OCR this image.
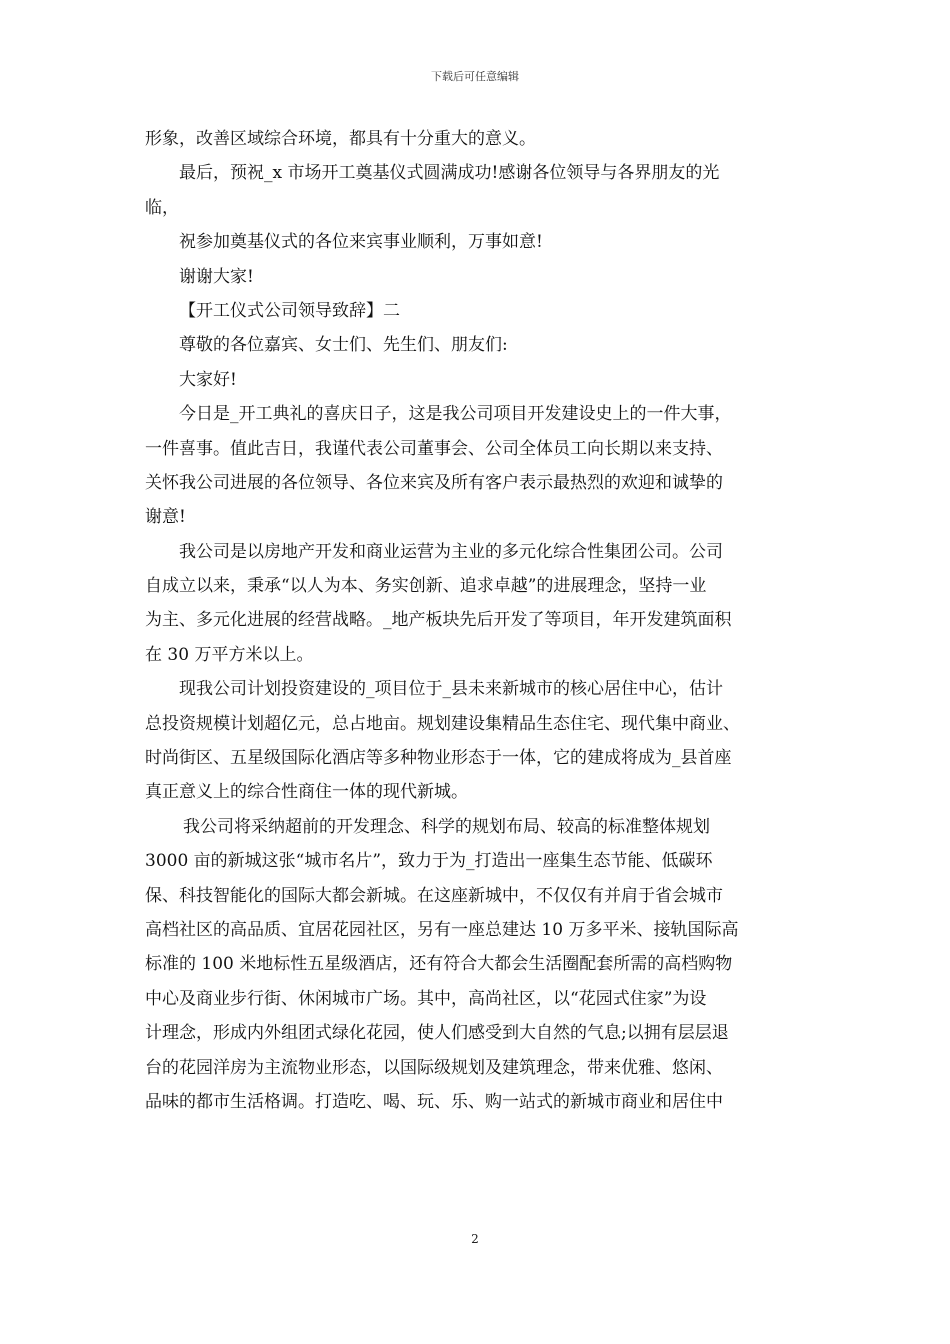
下载后可任意编辑
形象，改善区域综合环境，都具有十分重大的意义。
最后，预祝_x 市场开工奠基仪式圆满成功!感谢各位领导与各界朋友的光
临，
祝参加奠基仪式的各位来宾事业顺利，万事如意!
谢谢大家!
【开工仪式公司领导致辞】二
尊敬的各位嘉宾、女士们、先生们、朋友们:
大家好!
今日是_开工典礼的喜庆日子，这是我公司项目开发建设史上的一件大事，
一件喜事。值此吉日，我谨代表公司董事会、公司全体员工向长期以来支持、
关怀我公司进展的各位领导、各位来宾及所有客户表示最热烈的欢迎和诚挚的
谢意!
我公司是以房地产开发和商业运营为主业的多元化综合性集团公司。公司
自成立以来，秉承“以人为本、务实创新、追求卓越”的进展理念，坚持一业
为主、多元化进展的经营战略。_地产板块先后开发了等项目，年开发建筑面积
在 30 万平方米以上。
现我公司计划投资建设的_项目位于_县未来新城市的核心居住中心，估计
总投资规模计划超亿元，总占地亩。规划建设集精品生态住宅、现代集中商业、
时尚街区、五星级国际化酒店等多种物业形态于一体，它的建成将成为_县首座
真正意义上的综合性商住一体的现代新城。
我公司将采纳超前的开发理念、科学的规划布局、较高的标准整体规划
3000 亩的新城这张“城市名片”，致力于为_打造出一座集生态节能、低碳环
保、科技智能化的国际大都会新城。在这座新城中，不仅仅有并肩于省会城市
高档社区的高品质、宜居花园社区，另有一座总建达 10 万多平米、接轨国际高
标准的 100 米地标性五星级酒店，还有符合大都会生活圈配套所需的高档购物
中心及商业步行街、休闲城市广场。其中，高尚社区，以“花园式住家”为设
计理念，形成内外组团式绿化花园，使人们感受到大自然的气息;以拥有层层退
台的花园洋房为主流物业形态，以国际级规划及建筑理念，带来优雅、悠闲、
品味的都市生活格调。打造吃、喝、玩、乐、购一站式的新城市商业和居住中
2
